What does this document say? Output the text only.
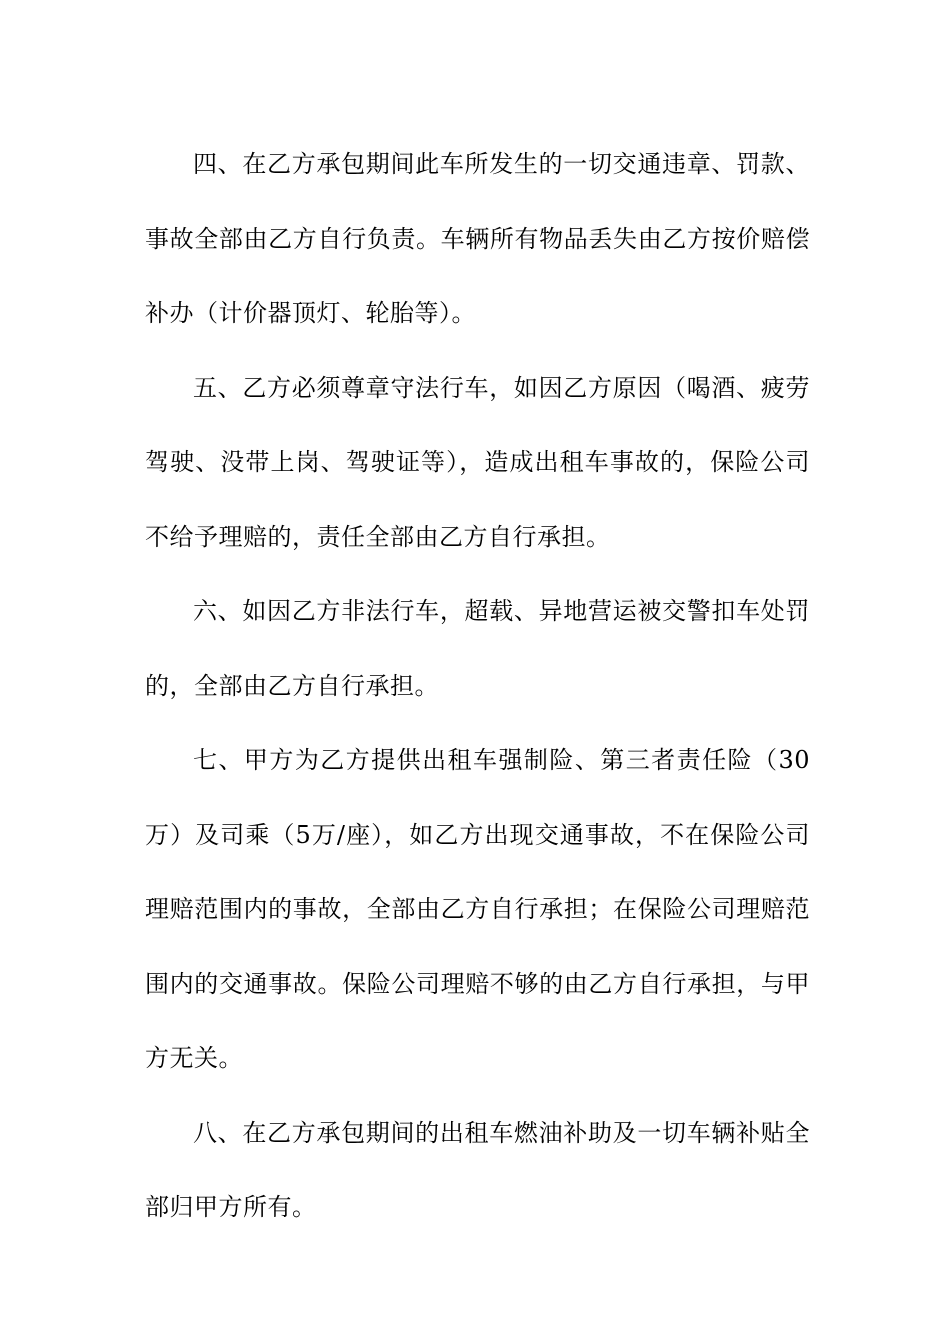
四、在乙方承包期间此车所发生的一切交通违章、罚款、事故全部由乙方自行负责。车辆所有物品丢失由乙方按价赔偿补办（计价器顶灯、轮胎等）。

五、乙方必须尊章守法行车，如因乙方原因（喝酒、疲劳驾驶、没带上岗、驾驶证等），造成出租车事故的，保险公司不给予理赔的，责任全部由乙方自行承担。

六、如因乙方非法行车，超载、异地营运被交警扣车处罚的，全部由乙方自行承担。

七、甲方为乙方提供出租车强制险、第三者责任险（30万）及司乘（5万/座），如乙方出现交通事故，不在保险公司理赔范围内的事故，全部由乙方自行承担；在保险公司理赔范围内的交通事故。保险公司理赔不够的由乙方自行承担，与甲方无关。

八、在乙方承包期间的出租车燃油补助及一切车辆补贴全部归甲方所有。
